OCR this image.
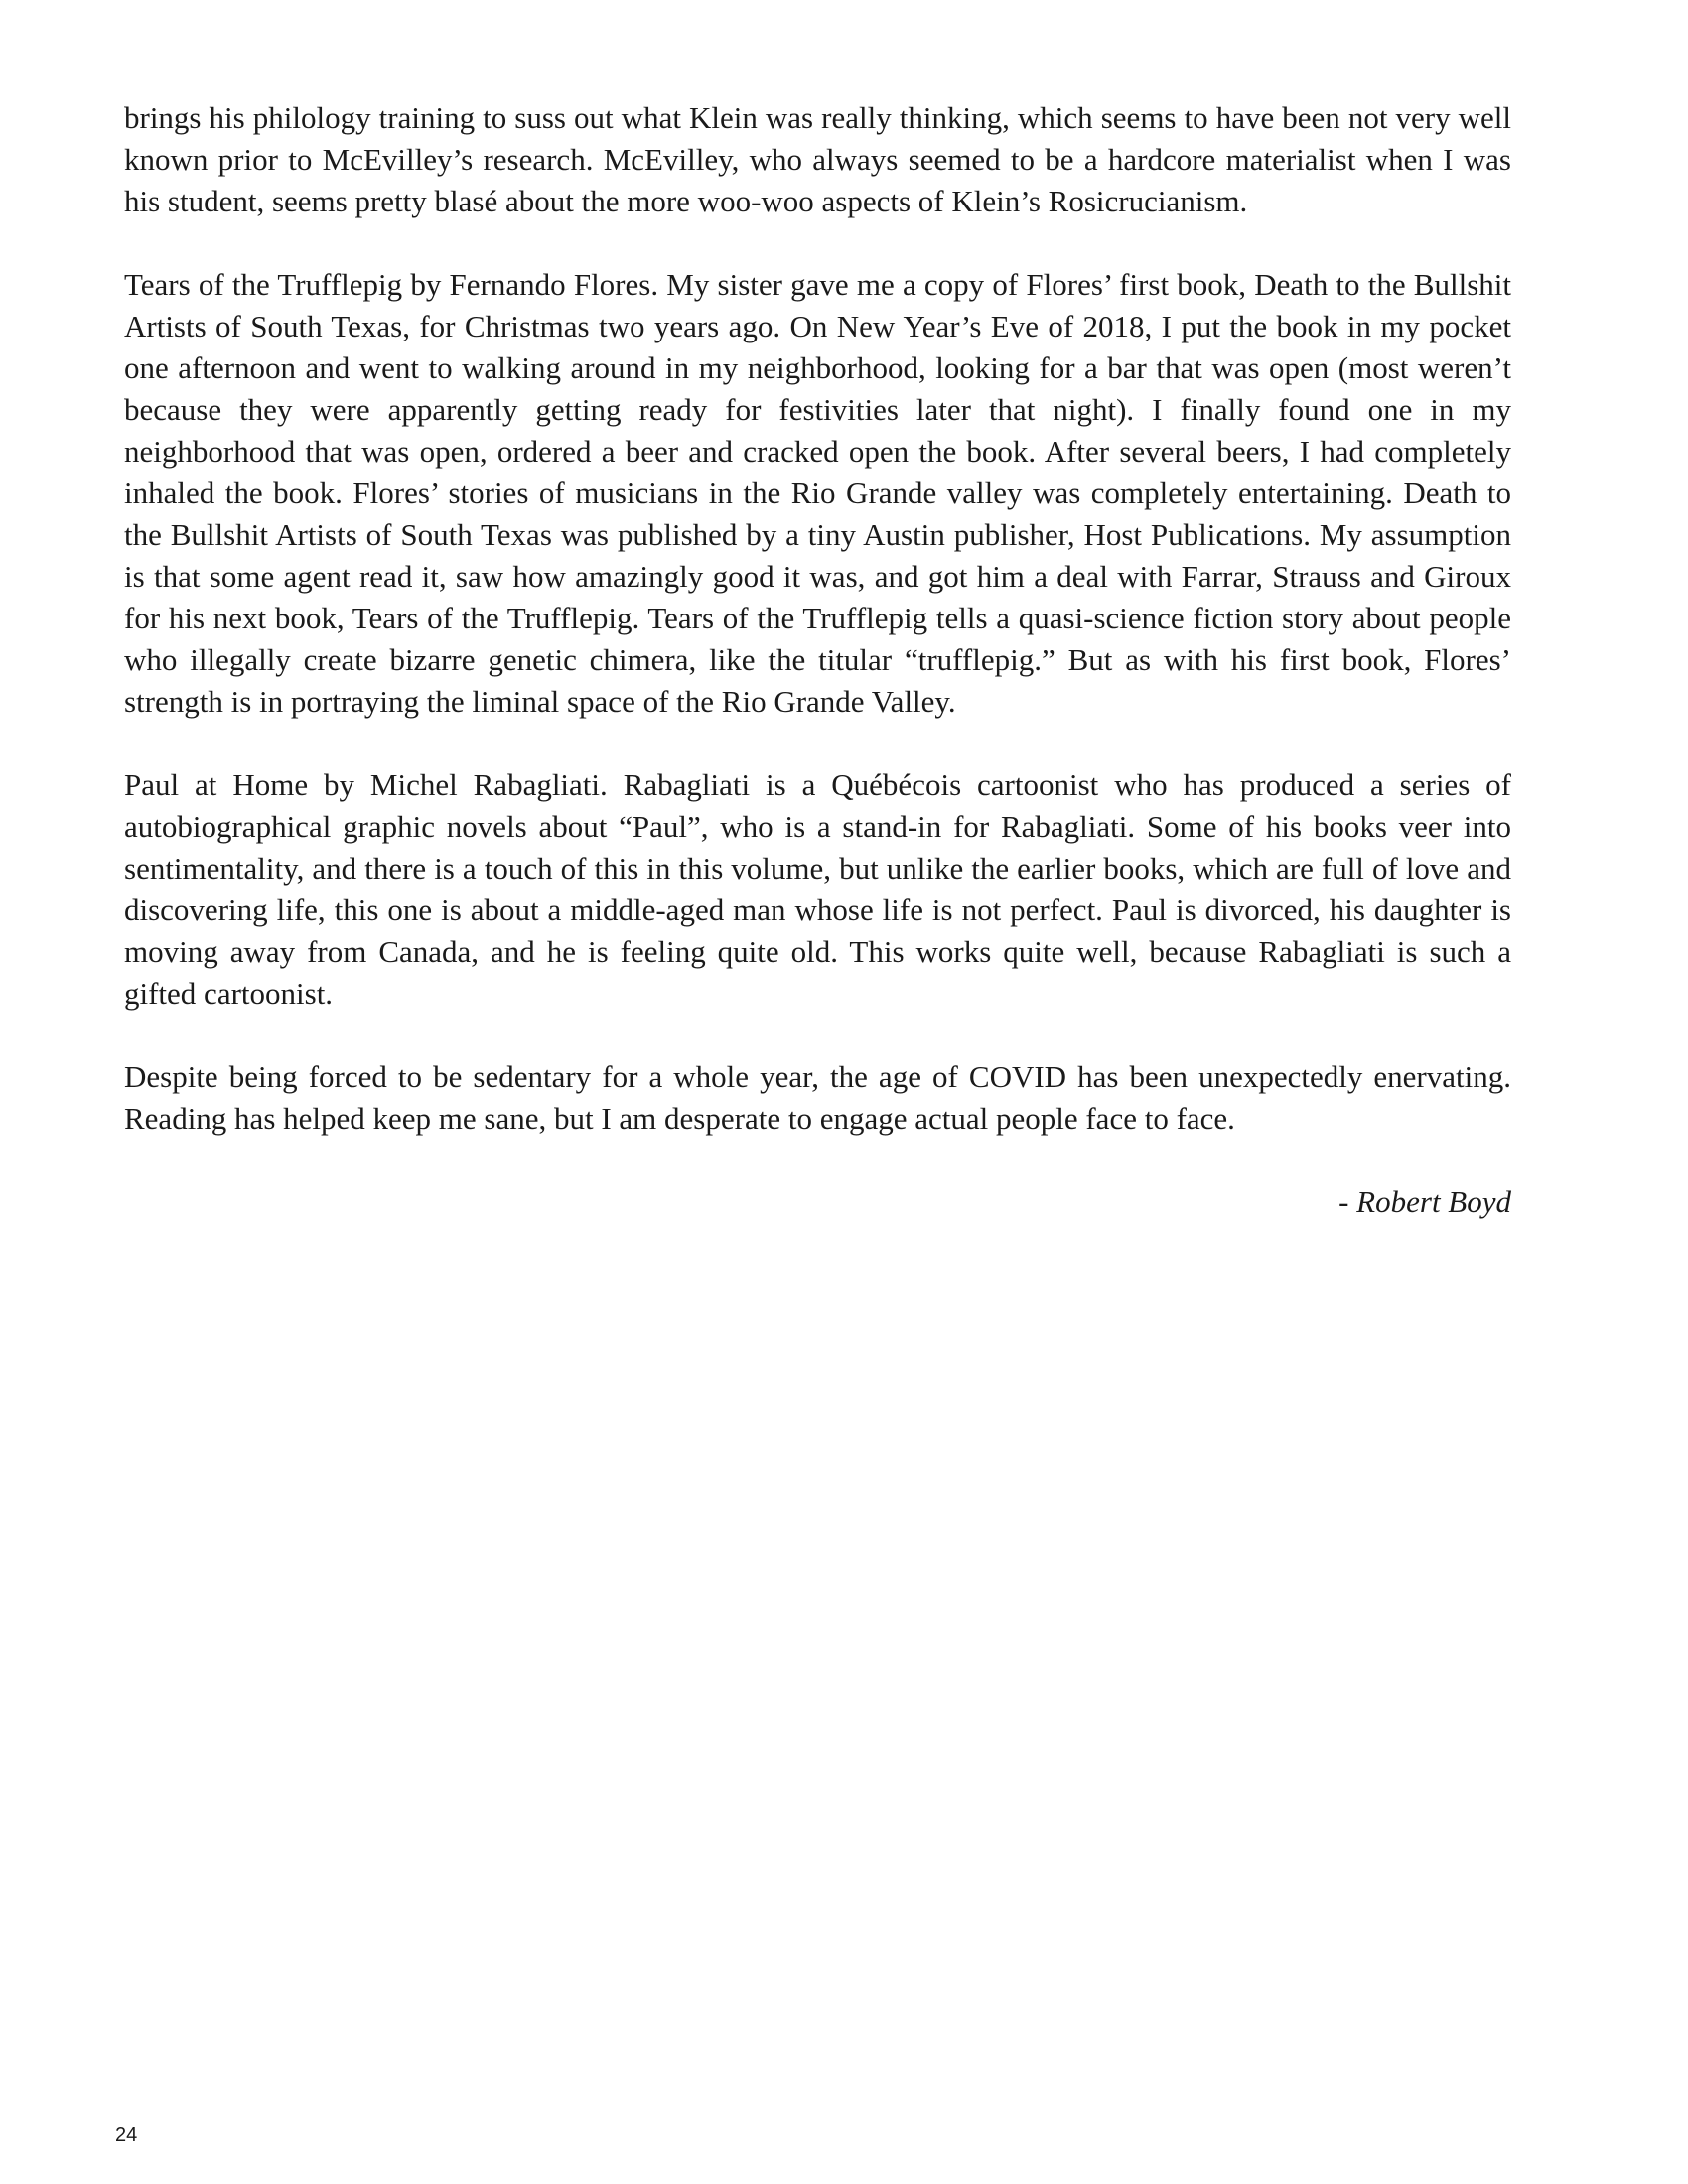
brings his philology training to suss out what Klein was really thinking, which seems to have been not very well known prior to McEvilley’s research. McEvilley, who always seemed to be a hardcore materialist when I was his student, seems pretty blasé about the more woo-woo aspects of Klein’s Rosicrucianism.

Tears of the Trufflepig by Fernando Flores. My sister gave me a copy of Flores’ first book, Death to the Bullshit Artists of South Texas, for Christmas two years ago. On New Year’s Eve of 2018, I put the book in my pocket one afternoon and went to walking around in my neighborhood, looking for a bar that was open (most weren’t because they were apparently getting ready for festivities later that night). I finally found one in my neighborhood that was open, ordered a beer and cracked open the book. After several beers, I had completely inhaled the book. Flores’ stories of musicians in the Rio Grande valley was completely entertaining. Death to the Bullshit Artists of South Texas was published by a tiny Austin publisher, Host Publications. My assumption is that some agent read it, saw how amazingly good it was, and got him a deal with Farrar, Strauss and Giroux for his next book, Tears of the Trufflepig. Tears of the Trufflepig tells a quasi-science fiction story about people who illegally create bizarre genetic chimera, like the titular “trufflepig.” But as with his first book, Flores’ strength is in portraying the liminal space of the Rio Grande Valley.

Paul at Home by Michel Rabagliati. Rabagliati is a Québécois cartoonist who has produced a series of autobiographical graphic novels about “Paul”, who is a stand-in for Rabagliati. Some of his books veer into sentimentality, and there is a touch of this in this volume, but unlike the earlier books, which are full of love and discovering life, this one is about a middle-aged man whose life is not perfect. Paul is divorced, his daughter is moving away from Canada, and he is feeling quite old. This works quite well, because Rabagliati is such a gifted cartoonist.

Despite being forced to be sedentary for a whole year, the age of COVID has been unexpectedly enervating. Reading has helped keep me sane, but I am desperate to engage actual people face to face.

- Robert Boyd

24
